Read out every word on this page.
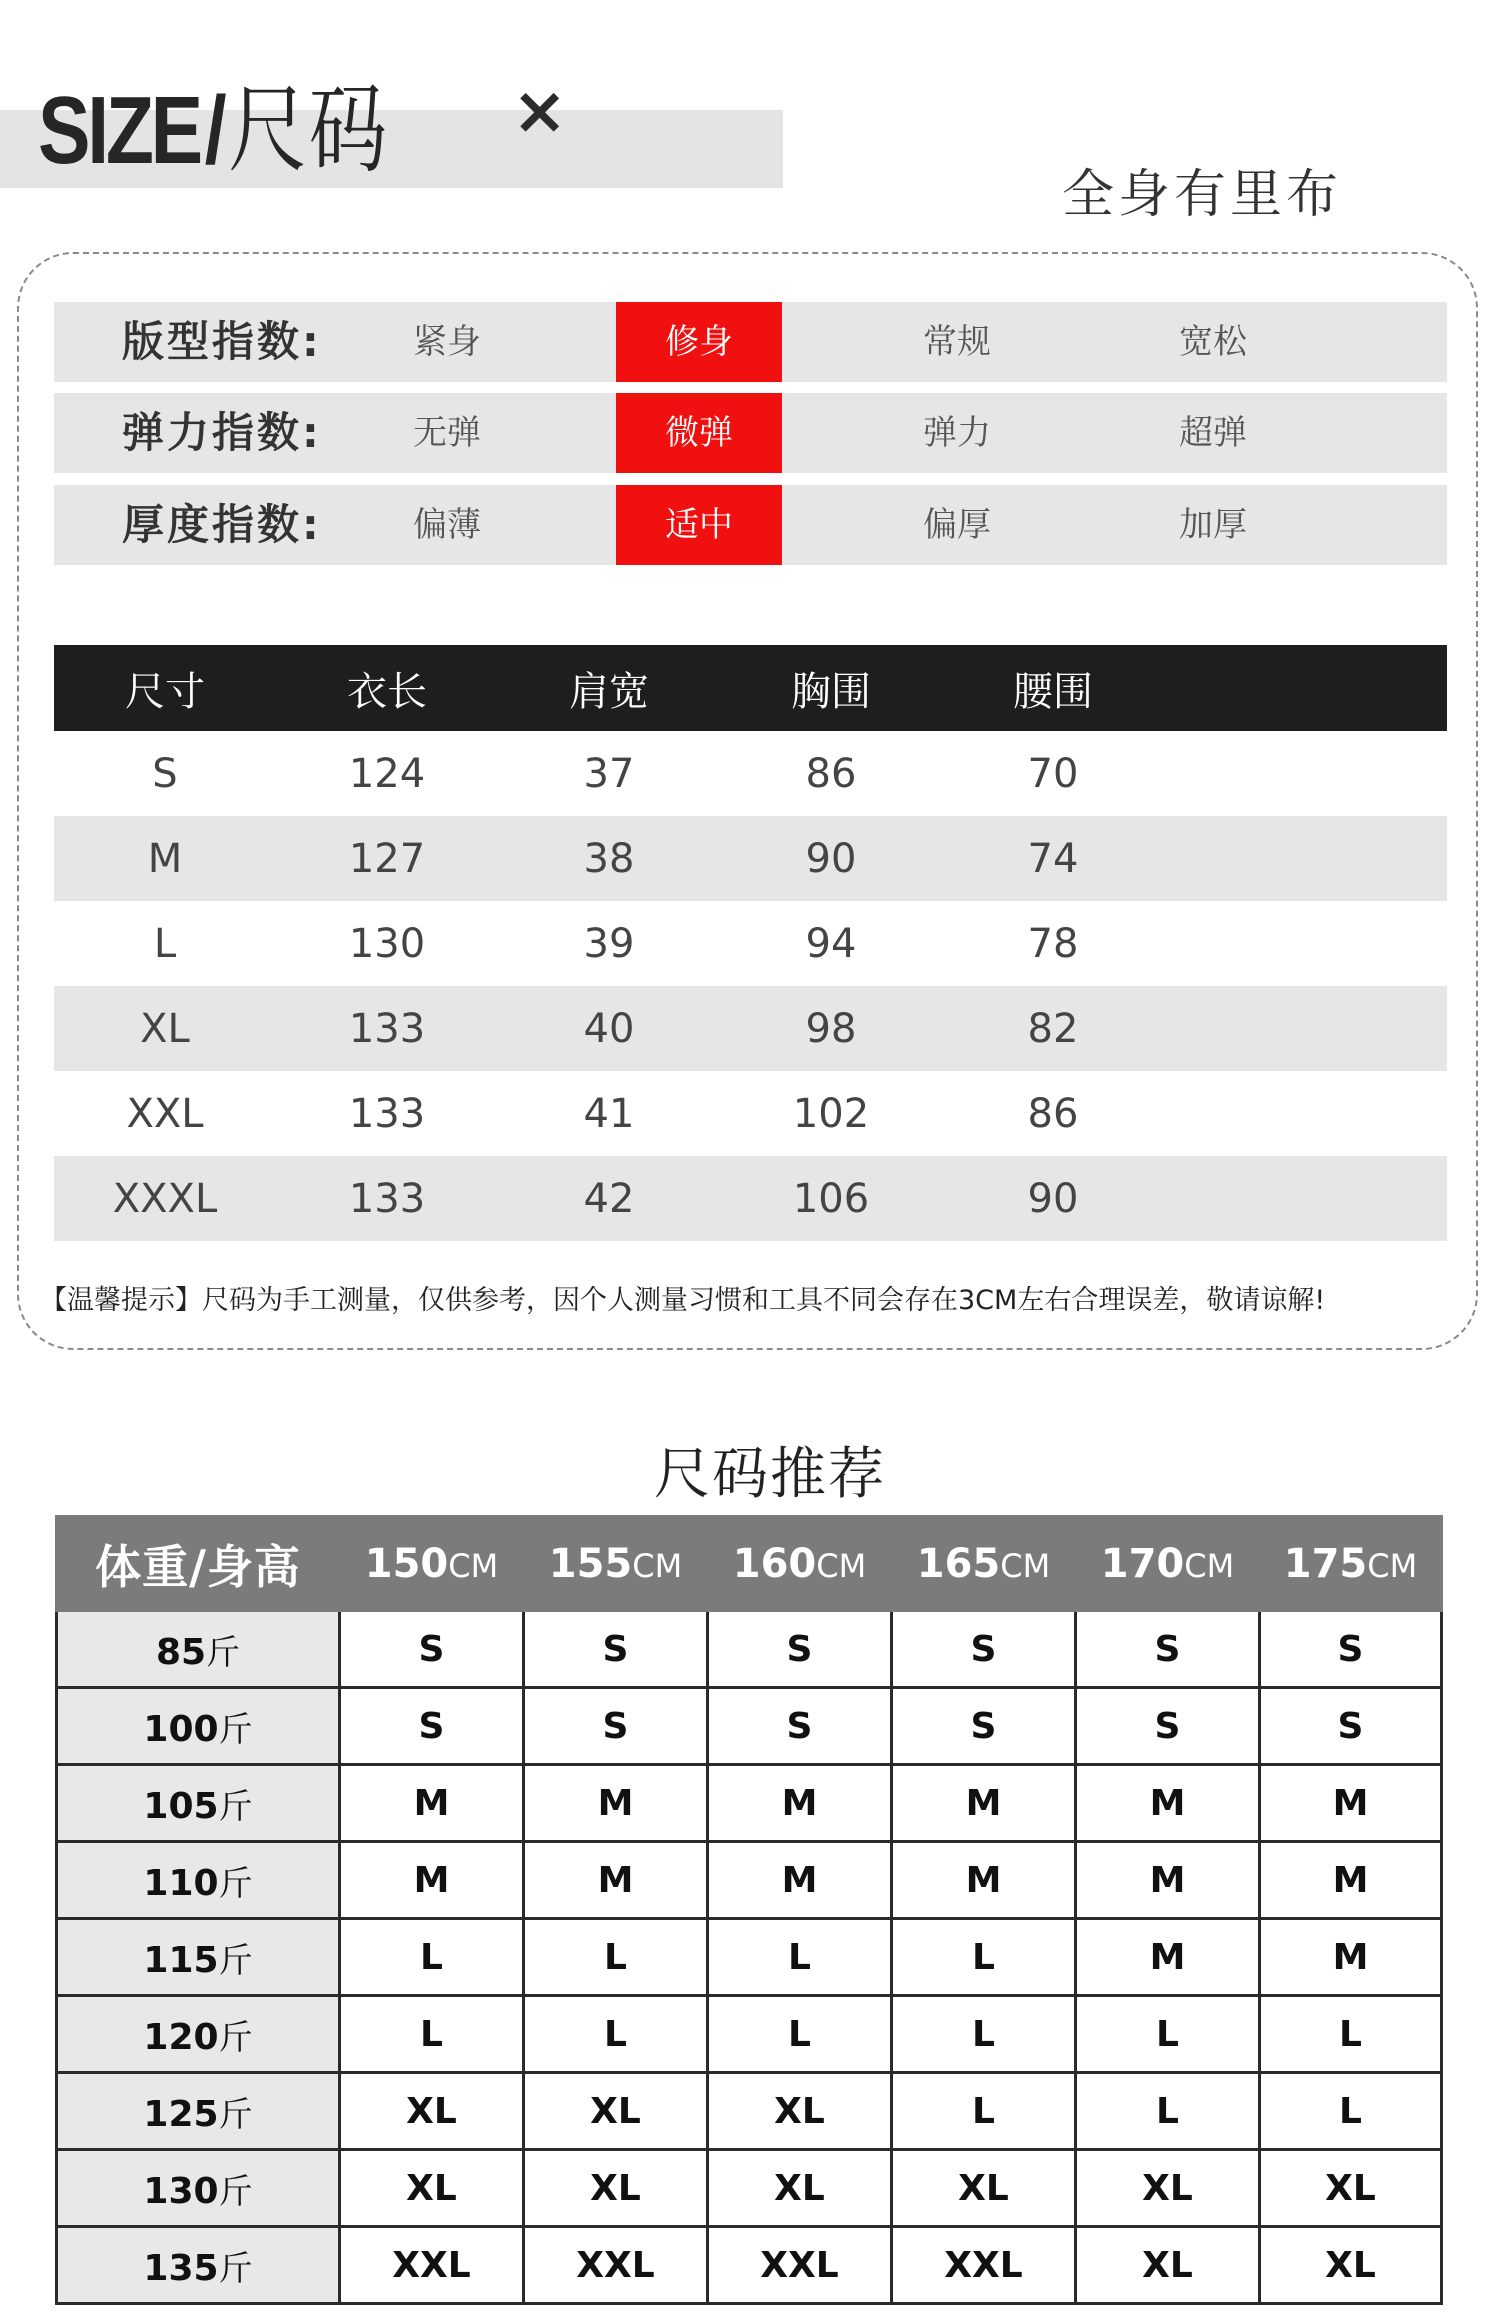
SIZE/尺码 ×
全身有里布
版型指数:	紧身	修身	常规	宽松
弹力指数:	无弹	微弹	弹力	超弹
厚度指数:	偏薄	适中	偏厚	加厚
尺寸	衣长	肩宽	胸围	腰围	
S	124	37	86	70	
M	127	38	90	74	
L	130	39	94	78	
XL	133	40	98	82	
XXL	133	41	102	86	
XXXL	133	42	106	90	
【温馨提示】尺码为手工测量，仅供参考，因个人测量习惯和工具不同会存在3CM左右合理误差，敬请谅解!
尺码推荐
体重/身高	150CM	155CM	160CM	165CM	170CM	175CM
85斤	S	S	S	S	S	S
100斤	S	S	S	S	S	S
105斤	M	M	M	M	M	M
110斤	M	M	M	M	M	M
115斤	L	L	L	L	M	M
120斤	L	L	L	L	L	L
125斤	XL	XL	XL	L	L	L
130斤	XL	XL	XL	XL	XL	XL
135斤	XXL	XXL	XXL	XXL	XL	XL
